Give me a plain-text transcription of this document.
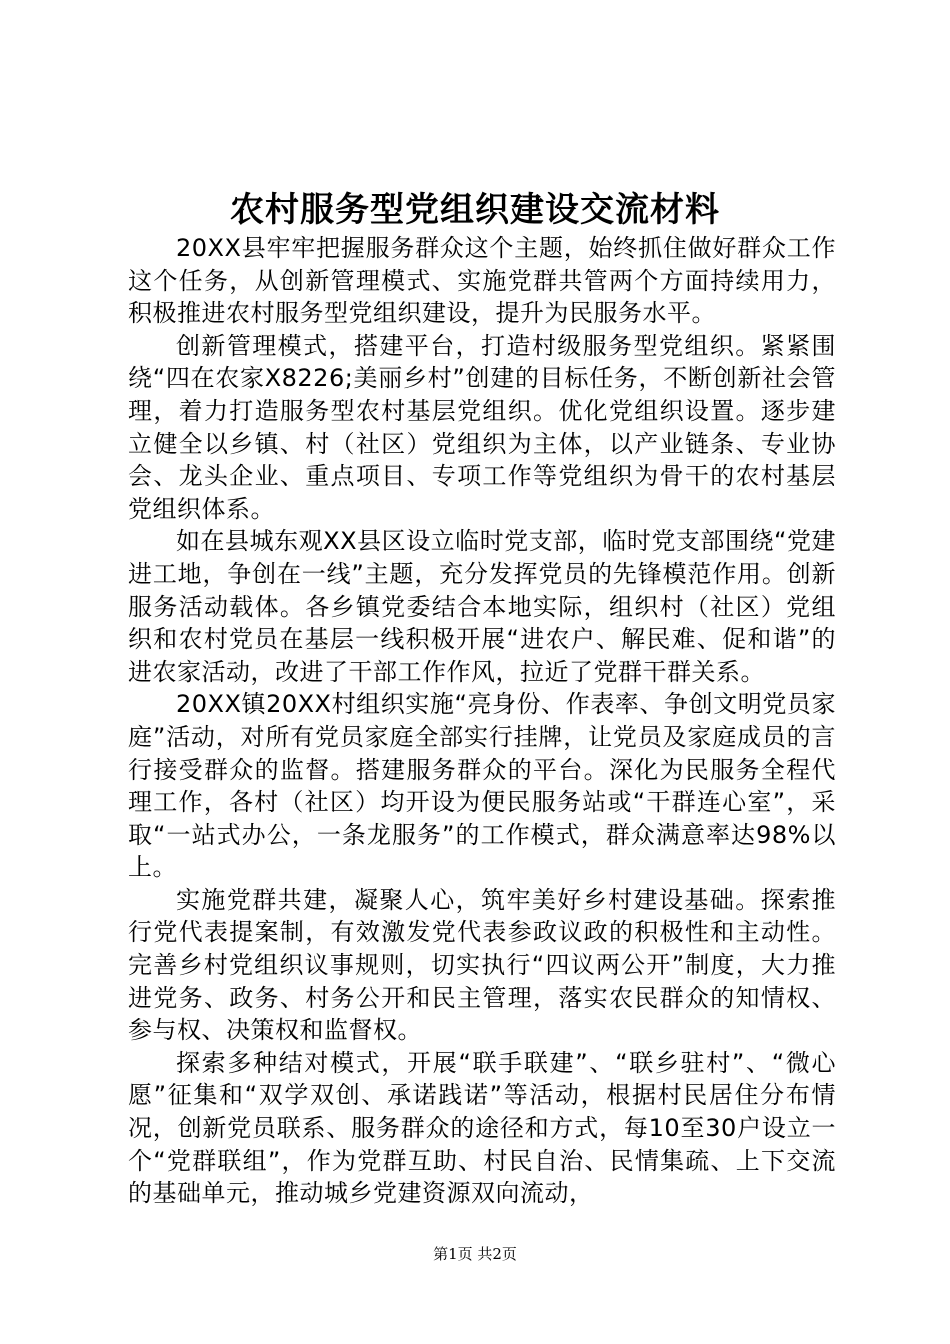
农村服务型党组织建设交流材料

20XX县牢牢把握服务群众这个主题，始终抓住做好群众工作这个任务，从创新管理模式、实施党群共管两个方面持续用力，积极推进农村服务型党组织建设，提升为民服务水平。

创新管理模式，搭建平台，打造村级服务型党组织。紧紧围绕“四在农家X8226;美丽乡村”创建的目标任务，不断创新社会管理，着力打造服务型农村基层党组织。优化党组织设置。逐步建立健全以乡镇、村（社区）党组织为主体，以产业链条、专业协会、龙头企业、重点项目、专项工作等党组织为骨干的农村基层党组织体系。

如在县城东观XX县区设立临时党支部，临时党支部围绕“党建进工地，争创在一线”主题，充分发挥党员的先锋模范作用。创新服务活动载体。各乡镇党委结合本地实际，组织村（社区）党组织和农村党员在基层一线积极开展“进农户、解民难、促和谐”的进农家活动，改进了干部工作作风，拉近了党群干群关系。

20XX镇20XX村组织实施“亮身份、作表率、争创文明党员家庭”活动，对所有党员家庭全部实行挂牌，让党员及家庭成员的言行接受群众的监督。搭建服务群众的平台。深化为民服务全程代理工作，各村（社区）均开设为便民服务站或“干群连心室”，采取“一站式办公，一条龙服务”的工作模式，群众满意率达98%以上。

实施党群共建，凝聚人心，筑牢美好乡村建设基础。探索推行党代表提案制，有效激发党代表参政议政的积极性和主动性。完善乡村党组织议事规则，切实执行“四议两公开”制度，大力推进党务、政务、村务公开和民主管理，落实农民群众的知情权、参与权、决策权和监督权。

探索多种结对模式，开展“联手联建”、“联乡驻村”、“微心愿”征集和“双学双创、承诺践诺”等活动，根据村民居住分布情况，创新党员联系、服务群众的途径和方式，每10至30户设立一个“党群联组”，作为党群互助、村民自治、民情集疏、上下交流的基础单元，推动城乡党建资源双向流动，

第1页 共2页
